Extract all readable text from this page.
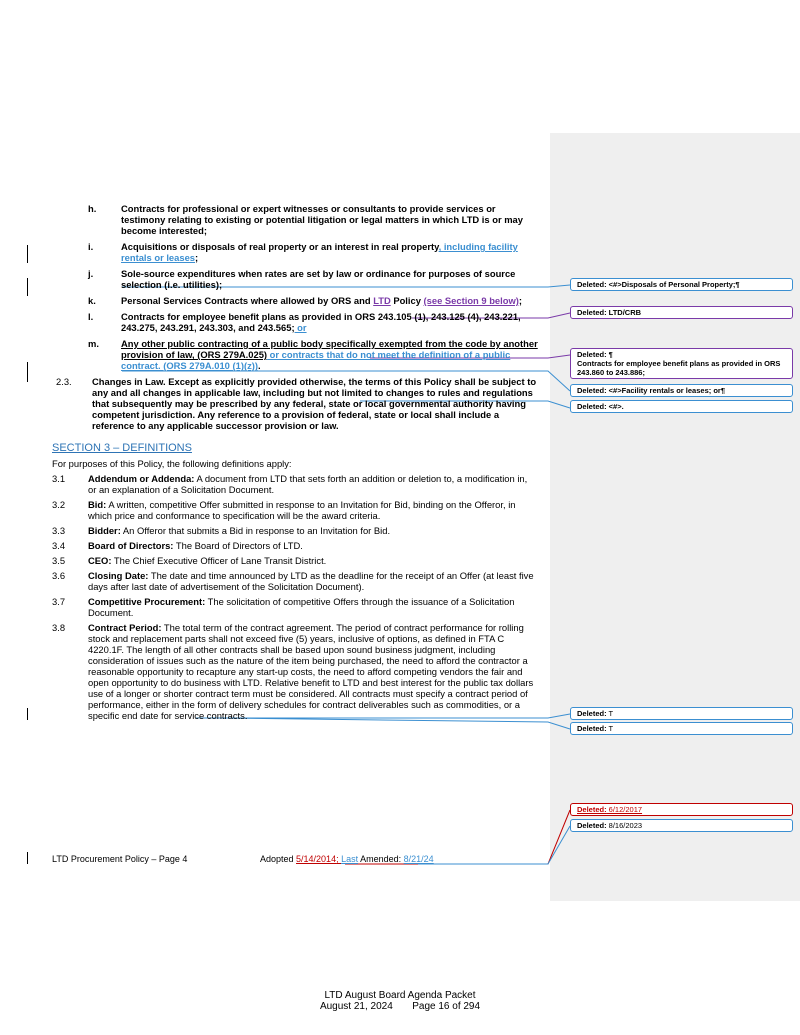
h.	Contracts for professional or expert witnesses or consultants to provide services or testimony relating to existing or potential litigation or legal matters in which LTD is or may become interested;
i.	Acquisitions or disposals of real property or an interest in real property, including facility rentals or leases;
j.	Sole-source expenditures when rates are set by law or ordinance for purposes of source selection (i.e. utilities);
k.	Personal Services Contracts where allowed by ORS and LTD Policy (see Section 9 below);
l.	Contracts for employee benefit plans as provided in ORS 243.105 (1), 243.125 (4), 243.221, 243.275, 243.291, 243.303, and 243.565; or
m. Any other public contracting of a public body specifically exempted from the code by another provision of law, (ORS 279A.025) or contracts that do not meet the definition of a public contract. (ORS 279A.010 (1)(z)).
2.3. Changes in Law. Except as explicitly provided otherwise, the terms of this Policy shall be subject to any and all changes in applicable law, including but not limited to changes to rules and regulations that subsequently may be prescribed by any federal, state or local governmental authority having competent jurisdiction. Any reference to a provision of federal, state or local shall include a reference to any applicable successor provision or law.
SECTION 3 – DEFINITIONS
For purposes of this Policy, the following definitions apply:
3.1 Addendum or Addenda: A document from LTD that sets forth an addition or deletion to, a modification in, or an explanation of a Solicitation Document.
3.2 Bid: A written, competitive Offer submitted in response to an Invitation for Bid, binding on the Offeror, in which price and conformance to specification will be the award criteria.
3.3 Bidder: An Offeror that submits a Bid in response to an Invitation for Bid.
3.4 Board of Directors: The Board of Directors of LTD.
3.5 CEO: The Chief Executive Officer of Lane Transit District.
3.6 Closing Date: The date and time announced by LTD as the deadline for the receipt of an Offer (at least five days after last date of advertisement of the Solicitation Document).
3.7 Competitive Procurement: The solicitation of competitive Offers through the issuance of a Solicitation Document.
3.8 Contract Period: The total term of the contract agreement. The period of contract performance for rolling stock and replacement parts shall not exceed five (5) years, inclusive of options, as defined in FTA C 4220.1F. The length of all other contracts shall be based upon sound business judgment, including consideration of issues such as the nature of the item being purchased, the need to afford the contractor a reasonable opportunity to recapture any start-up costs, the need to afford competing vendors the fair and open opportunity to do business with LTD. Relative benefit to LTD and best interest for the public tax dollars use of a longer or shorter contract term must be considered. All contracts must specify a contract period of performance, either in the form of delivery schedules for contract deliverables such as commodities, or a specific end date for service contracts.
LTD Procurement Policy – Page 4	Adopted 5/14/2014; Last Amended: 8/21/24
Deleted: <#>Disposals of Personal Property;¶
Deleted: LTD/CRB
Deleted: ¶
Contracts for employee benefit plans as provided in ORS 243.860 to 243.886;
Deleted: <#>Facility rentals or leases; or¶
Deleted: <#>.
Deleted: T
Deleted: T
Deleted: 6/12/2017
Deleted: 8/16/2023
LTD August Board Agenda Packet
August 21, 2024       Page 16 of 294
